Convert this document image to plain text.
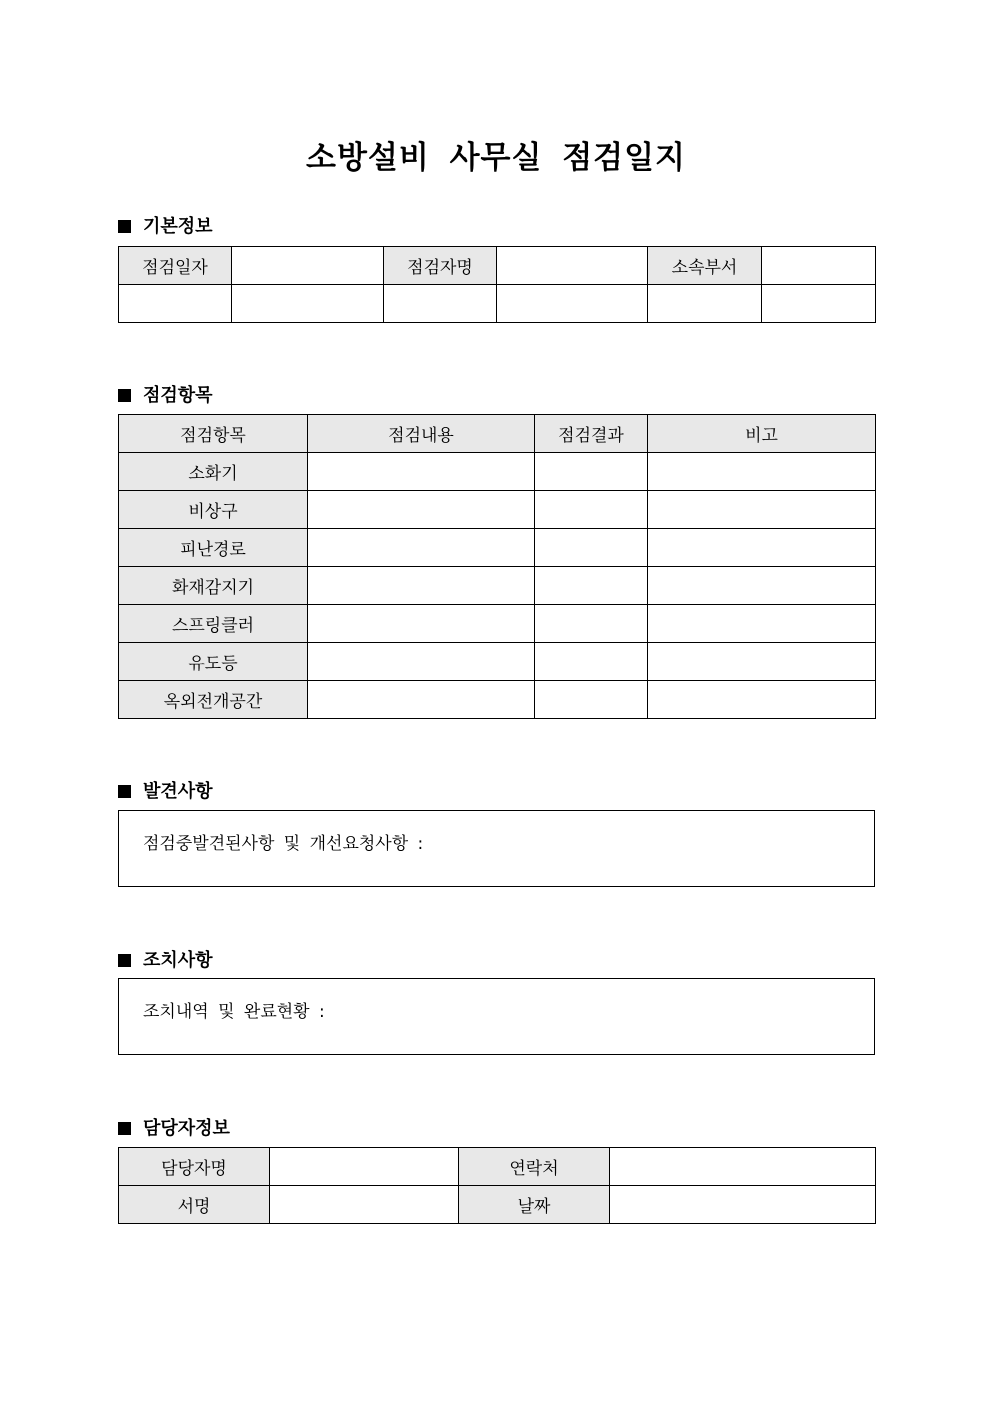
소방설비 사무실 점검일지
기본정보
점검일자		점검자명		소속부서	

점검항목
점검항목	점검내용	점검결과	비고
소화기			
비상구			
피난경로			
화재감지기			
스프링클러			
유도등			
옥외전개공간			
발견사항
점검중발견된사항 및 개선요청사항 :
조치사항
조치내역 및 완료현황 :
담당자정보
담당자명		연락처	
서명		날짜	
